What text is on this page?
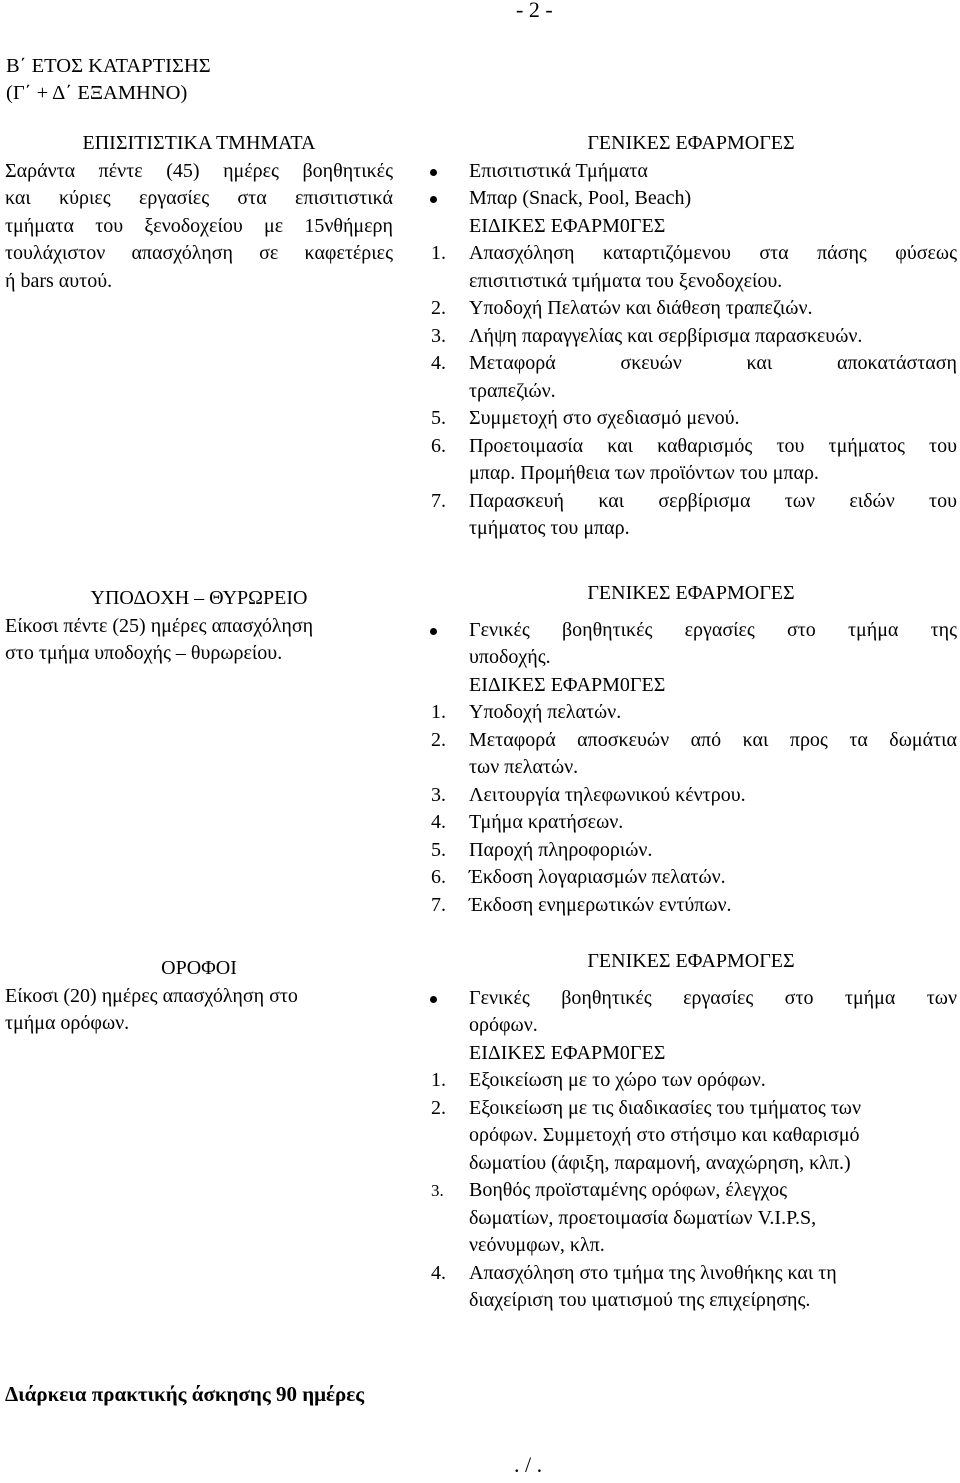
- 2 -
Β΄ ΕΤΟΣ ΚΑΤΑΡΤΙΣΗΣ
(Γ΄ + Δ΄ ΕΞΑΜΗΝΟ)
ΕΠΙΣΙΤΙΣΤΙΚΑ ΤΜΗΜΑΤΑ
Σαράντα πέντε (45) ημέρες βοηθητικές
και κύριες εργασίες στα επισιτιστικά
τμήματα του ξενοδοχείου με 15νθήμερη
τουλάχιστον απασχόληση σε καφετέριες
ή bars αυτού.
ΓΕΝΙΚΕΣ ΕΦΑΡΜΟΓΕΣ
Επισιτιστικά Τμήματα
Μπαρ (Snack, Pool, Beach)
ΕΙΔΙΚΕΣ ΕΦΑΡΜ0ΓΕΣ
1. Απασχόληση καταρτιζόμενου στα πάσης φύσεως
επισιτιστικά τμήματα του ξενοδοχείου.
2. Υποδοχή Πελατών και διάθεση τραπεζιών.
3. Λήψη παραγγελίας και σερβίρισμα παρασκευών.
4. Μεταφορά σκευών και αποκατάσταση
τραπεζιών.
5. Συμμετοχή στο σχεδιασμό μενού.
6. Προετοιμασία και καθαρισμός του τμήματος του
μπαρ. Προμήθεια των προϊόντων του μπαρ.
7. Παρασκευή και σερβίρισμα των ειδών του
τμήματος του μπαρ.
ΥΠΟΔΟΧΗ – ΘΥΡΩΡΕΙΟ
Είκοσι πέντε (25) ημέρες απασχόληση
στο τμήμα υποδοχής – θυρωρείου.
ΓΕΝΙΚΕΣ ΕΦΑΡΜΟΓΕΣ
Γενικές βοηθητικές εργασίες στο τμήμα της
υποδοχής.
ΕΙΔΙΚΕΣ ΕΦΑΡΜ0ΓΕΣ
1. Υποδοχή πελατών.
2. Μεταφορά αποσκευών από και προς τα δωμάτια
των πελατών.
3. Λειτουργία τηλεφωνικού κέντρου.
4. Τμήμα κρατήσεων.
5. Παροχή πληροφοριών.
6. Έκδοση λογαριασμών πελατών.
7. Έκδοση ενημερωτικών εντύπων.
ΟΡΟΦΟΙ
Είκοσι (20) ημέρες απασχόληση στο
τμήμα ορόφων.
ΓΕΝΙΚΕΣ ΕΦΑΡΜΟΓΕΣ
Γενικές βοηθητικές εργασίες στο τμήμα των
ορόφων.
ΕΙΔΙΚΕΣ ΕΦΑΡΜ0ΓΕΣ
1. Εξοικείωση με το χώρο των ορόφων.
2. Εξοικείωση με τις διαδικασίες του τμήματος των
ορόφων. Συμμετοχή στο στήσιμο και καθαρισμό
δωματίου (άφιξη, παραμονή, αναχώρηση, κλπ.)
3. Βοηθός προϊσταμένης ορόφων, έλεγχος
δωματίων, προετοιμασία δωματίων V.I.P.S,
νεόνυμφων, κλπ.
4. Απασχόληση στο τμήμα της λινοθήκης και τη
διαχείριση του ιματισμού της επιχείρησης.
Διάρκεια πρακτικής άσκησης 90 ημέρες
. / .
